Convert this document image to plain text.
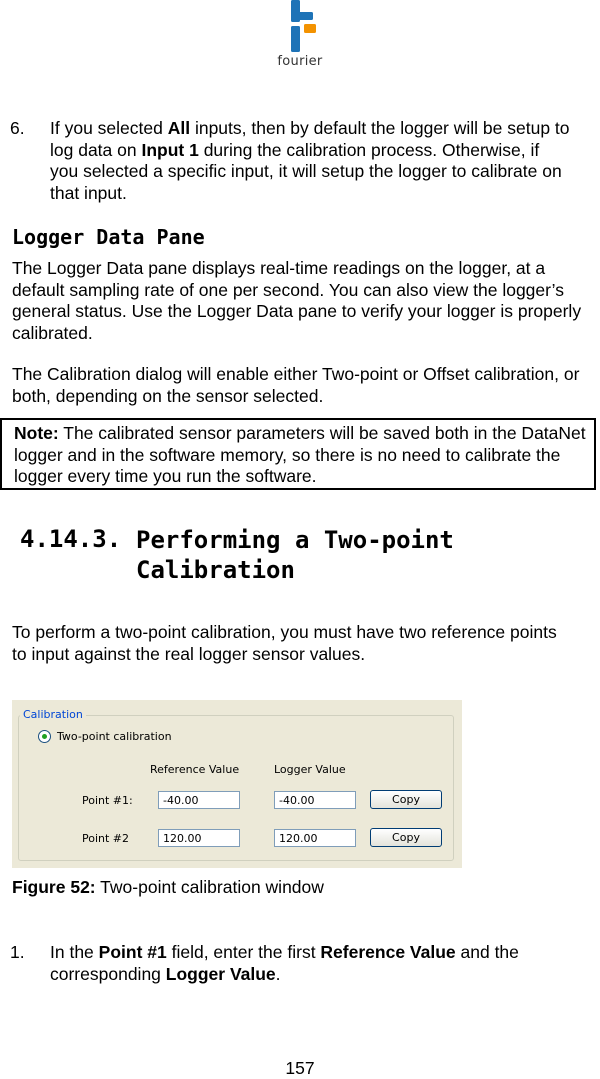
fourier
6. If you selected All inputs, then by default the logger will be setup to log data on Input 1 during the calibration process. Otherwise, if you selected a specific input, it will setup the logger to calibrate on that input.
Logger Data Pane
The Logger Data pane displays real-time readings on the logger, at a default sampling rate of one per second. You can also view the logger’s general status. Use the Logger Data pane to verify your logger is properly calibrated.
The Calibration dialog will enable either Two-point or Offset calibration, or both, depending on the sensor selected.
Note: The calibrated sensor parameters will be saved both in the DataNet logger and in the software memory, so there is no need to calibrate the logger every time you run the software.
4.14.3. Performing a Two-point Calibration
To perform a two-point calibration, you must have two reference points to input against the real logger sensor values.
Calibration
Two-point calibration
Reference Value	Logger Value
Point #1:	-40.00	-40.00	Copy
Point #2	120.00	120.00	Copy
Figure 52: Two-point calibration window
1. In the Point #1 field, enter the first Reference Value and the corresponding Logger Value.
157
